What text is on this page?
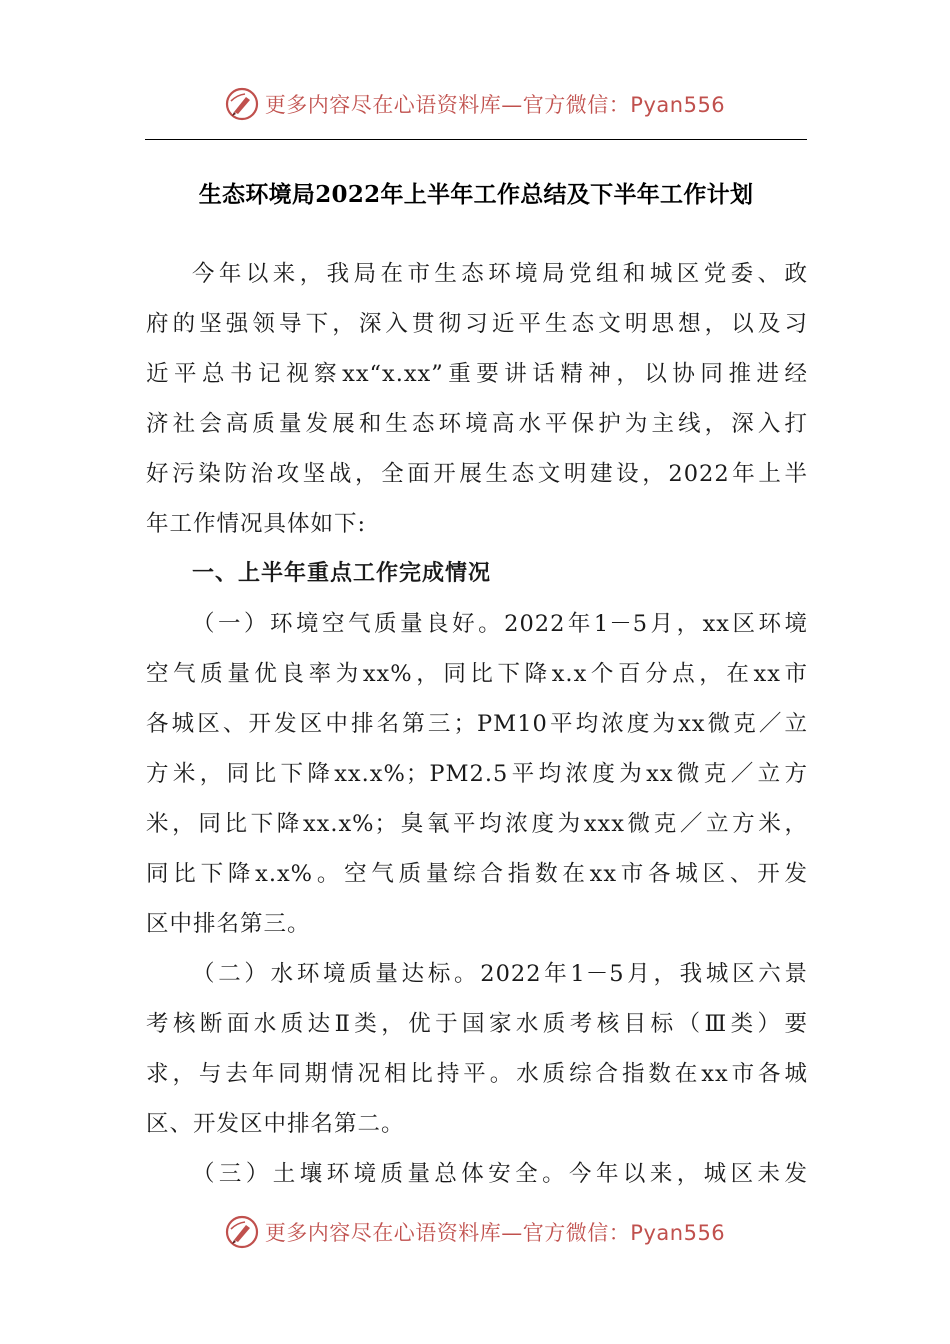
更多内容尽在心语资料库—官方微信：Pyan556
生态环境局2022年上半年工作总结及下半年工作计划
今年以来，我局在市生态环境局党组和城区党委、政
府的坚强领导下，深入贯彻习近平生态文明思想，以及习
近平总书记视察xx“x.xx”重要讲话精神，以协同推进经
济社会高质量发展和生态环境高水平保护为主线，深入打
好污染防治攻坚战，全面开展生态文明建设，2022年上半
年工作情况具体如下:
一、上半年重点工作完成情况
（一）环境空气质量良好。2022年1－5月，xx区环境
空气质量优良率为xx%，同比下降x.x个百分点，在xx市
各城区、开发区中排名第三；PM10平均浓度为xx微克／立
方米，同比下降xx.x%；PM2.5平均浓度为xx微克／立方
米，同比下降xx.x%；臭氧平均浓度为xxx微克／立方米，
同比下降x.x%。空气质量综合指数在xx市各城区、开发
区中排名第三。
（二）水环境质量达标。2022年1－5月，我城区六景
考核断面水质达Ⅱ类，优于国家水质考核目标（Ⅲ类）要
求，与去年同期情况相比持平。水质综合指数在xx市各城
区、开发区中排名第二。
（三）土壤环境质量总体安全。今年以来，城区未发
更多内容尽在心语资料库—官方微信：Pyan556
